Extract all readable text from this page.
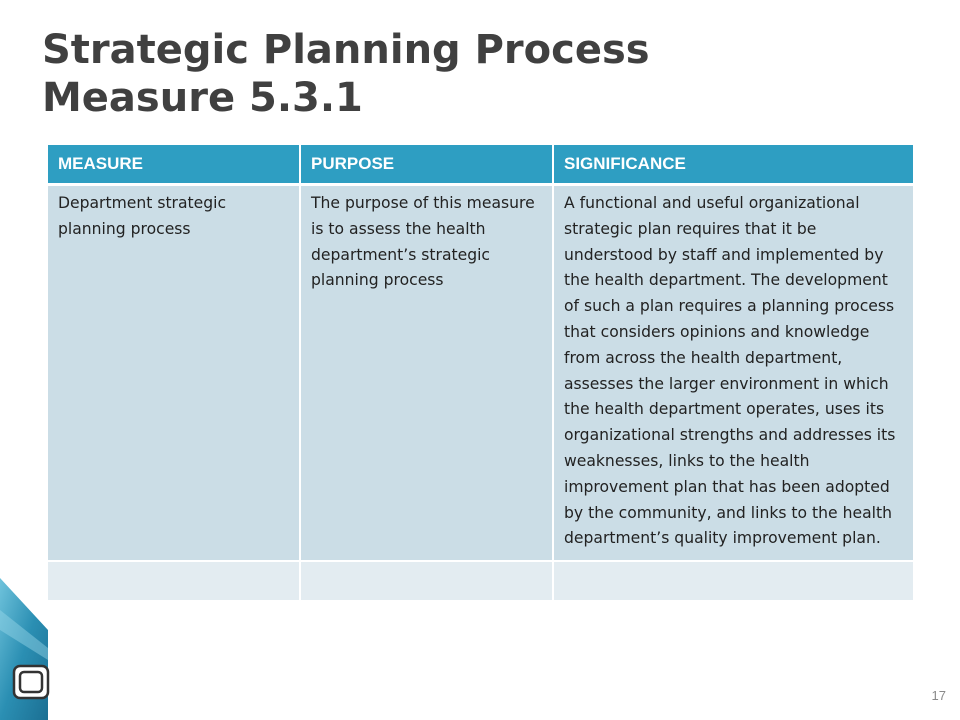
Strategic Planning Process
Measure 5.3.1
MEASURE	PURPOSE	SIGNIFICANCE
Department strategic planning process	The purpose of this measure is to assess the health department’s strategic planning process	A functional and useful organizational strategic plan requires that it be understood by staff and implemented by the health department. The development of such a plan requires a planning process that considers opinions and knowledge from across the health department, assesses the larger environment in which the health department operates, uses its organizational strengths and addresses its weaknesses, links to the health improvement plan that has been adopted by the community, and links to the health department’s quality improvement plan.

17
